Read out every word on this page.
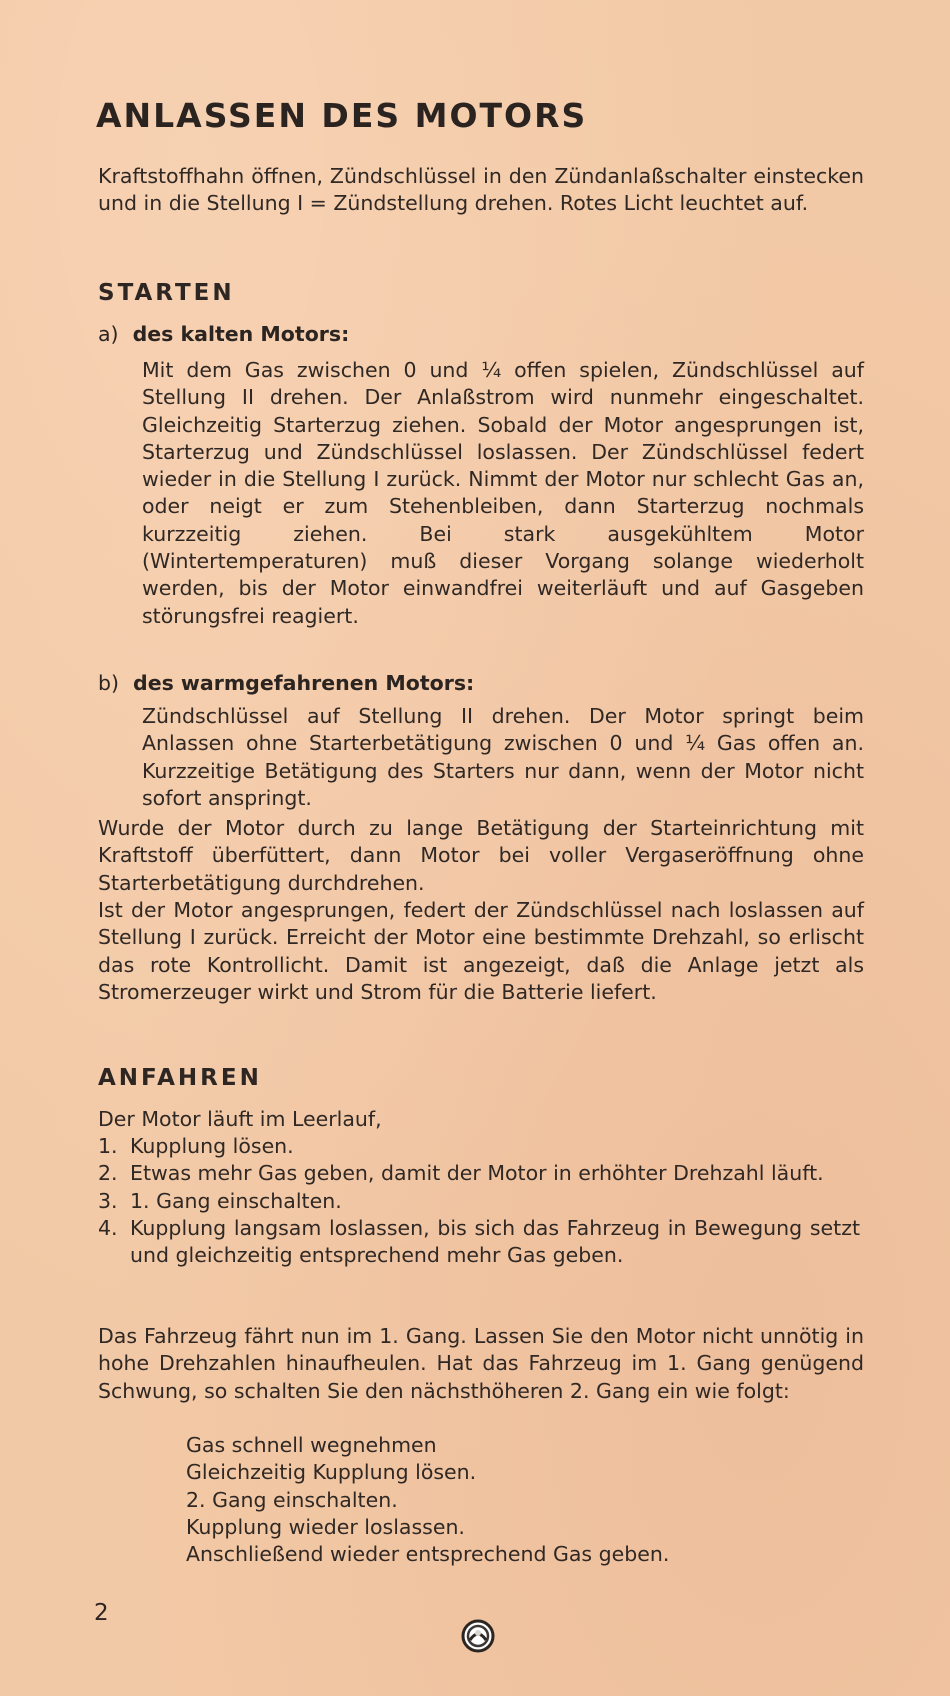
ANLASSEN DES MOTORS

Kraftstoffhahn öffnen, Zündschlüssel in den Zündanlaßschalter einstecken und in die Stellung I = Zündstellung drehen. Rotes Licht leuchtet auf.

STARTEN
a) des kalten Motors:

Mit dem Gas zwischen 0 und ¼ offen spielen, Zündschlüssel auf Stellung II drehen. Der Anlaßstrom wird nunmehr eingeschaltet. Gleichzeitig Starterzug ziehen. Sobald der Motor angesprungen ist, Starterzug und Zündschlüssel loslassen. Der Zündschlüssel federt wieder in die Stellung I zurück. Nimmt der Motor nur schlecht Gas an, oder neigt er zum Stehenbleiben, dann Starterzug nochmals kurzzeitig ziehen. Bei stark ausgekühltem Motor (Wintertemperaturen) muß dieser Vorgang solange wiederholt werden, bis der Motor einwandfrei weiterläuft und auf Gasgeben störungsfrei reagiert.

b) des warmgefahrenen Motors:

Zündschlüssel auf Stellung II drehen. Der Motor springt beim Anlassen ohne Starterbetätigung zwischen 0 und ¼ Gas offen an. Kurzzeitige Betätigung des Starters nur dann, wenn der Motor nicht sofort anspringt.

Wurde der Motor durch zu lange Betätigung der Starteinrichtung mit Kraftstoff überfüttert, dann Motor bei voller Vergaseröffnung ohne Starterbetätigung durchdrehen.

Ist der Motor angesprungen, federt der Zündschlüssel nach loslassen auf Stellung I zurück. Erreicht der Motor eine bestimmte Drehzahl, so erlischt das rote Kontrollicht. Damit ist angezeigt, daß die Anlage jetzt als Stromerzeuger wirkt und Strom für die Batterie liefert.

ANFAHREN

Der Motor läuft im Leerlauf,

1. Kupplung lösen.
2. Etwas mehr Gas geben, damit der Motor in erhöhter Drehzahl läuft.
3. 1. Gang einschalten.
4. Kupplung langsam loslassen, bis sich das Fahrzeug in Bewegung setzt und gleichzeitig entsprechend mehr Gas geben.

Das Fahrzeug fährt nun im 1. Gang. Lassen Sie den Motor nicht unnötig in hohe Drehzahlen hinaufheulen. Hat das Fahrzeug im 1. Gang genügend Schwung, so schalten Sie den nächsthöheren 2. Gang ein wie folgt:

Gas schnell wegnehmen
Gleichzeitig Kupplung lösen.
2. Gang einschalten.
Kupplung wieder loslassen.
Anschließend wieder entsprechend Gas geben.
2
